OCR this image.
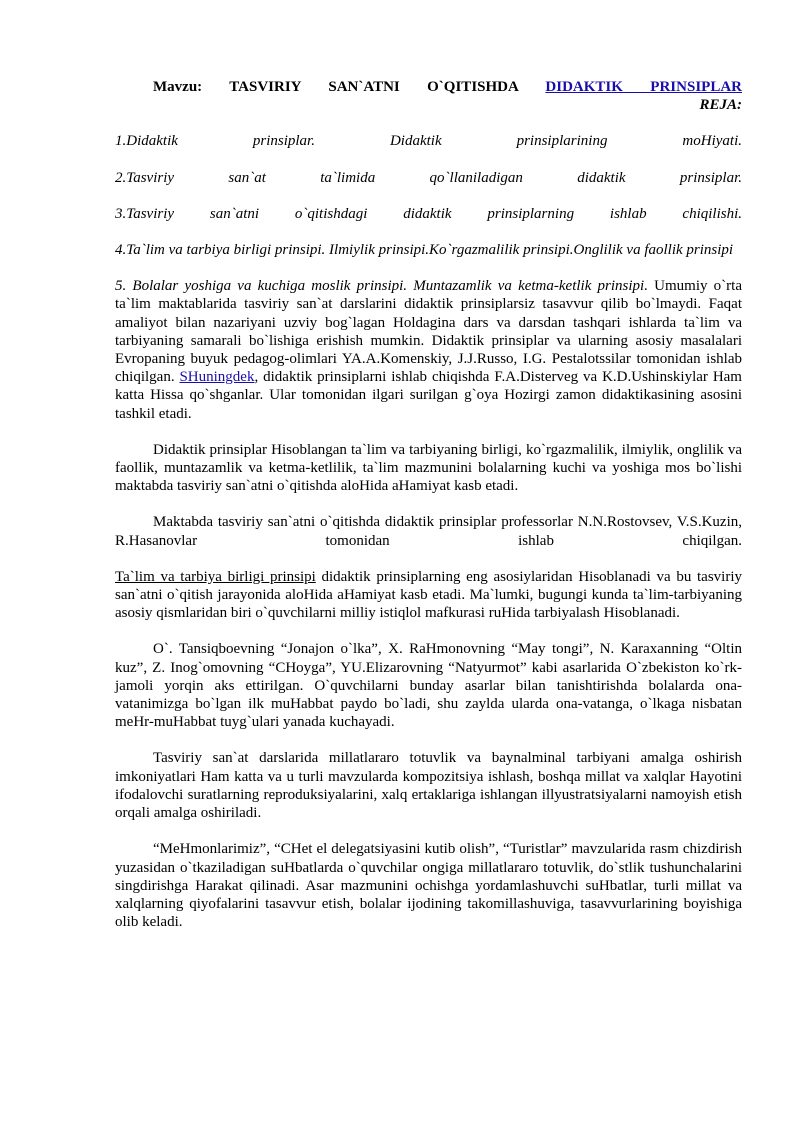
Mavzu: TASVIRIY SAN`ATNI O`QITISHDA DIDAKTIK PRINSIPLAR

REJA:

1.Didaktik prinsiplar. Didaktik prinsiplarining moHiyati.

2.Tasviriy san`at ta`limida qo`llaniladigan didaktik prinsiplar.

3.Tasviriy san`atni o`qitishdagi didaktik prinsiplarning ishlab chiqilishi.

4.Ta`lim va tarbiya birligi prinsipi. Ilmiylik prinsipi.Ko`rgazmalilik prinsipi.Onglilik va faollik prinsipi

5. Bolalar yoshiga va kuchiga moslik prinsipi. Muntazamlik va ketma-ketlik prinsipi. Umumiy o`rta ta`lim maktablarida tasviriy san`at darslarini didaktik prinsiplarsiz tasavvur qilib bo`lmaydi. Faqat amaliyot bilan nazariyani uzviy bog`lagan Holdagina dars va darsdan tashqari ishlarda ta`lim va tarbiyaning samarali bo`lishiga erishish mumkin. Didaktik prinsiplar va ularning asosiy masalalari Evropaning buyuk pedagog-olimlari YA.A.Komenskiy, J.J.Russo, I.G. Pestalotssilar tomonidan ishlab chiqilgan. SHuningdek, didaktik prinsiplarni ishlab chiqishda F.A.Disterveg va K.D.Ushinskiylar Ham katta Hissa qo`shganlar. Ular tomonidan ilgari surilgan g`oya Hozirgi zamon didaktikasining asosini tashkil etadi.

Didaktik prinsiplar Hisoblangan ta`lim va tarbiyaning birligi, ko`rgazmalilik, ilmiylik, onglilik va faollik, muntazamlik va ketma-ketlilik, ta`lim mazmunini bolalarning kuchi va yoshiga mos bo`lishi maktabda tasviriy san`atni o`qitishda aloHida aHamiyat kasb etadi.

Maktabda tasviriy san`atni o`qitishda didaktik prinsiplar professorlar N.N.Rostovsev, V.S.Kuzin, R.Hasanovlar tomonidan ishlab chiqilgan.

Ta`lim va tarbiya birligi prinsipi didaktik prinsiplarning eng asosiylaridan Hisoblanadi va bu tasviriy san`atni o`qitish jarayonida aloHida aHamiyat kasb etadi. Ma`lumki, bugungi kunda ta`lim-tarbiyaning asosiy qismlaridan biri o`quvchilarni milliy istiqlol mafkurasi ruHida tarbiyalash Hisoblanadi.

O`. Tansiqboevning “Jonajon o`lka”, X. RaHmonovning “May tongi”, N. Karaxanning “Oltin kuz”, Z. Inog`omovning “CHoyga”, YU.Elizarovning “Natyurmot” kabi asarlarida O`zbekiston ko`rk-jamoli yorqin aks ettirilgan. O`quvchilarni bunday asarlar bilan tanishtirishda bolalarda ona-vatanimizga bo`lgan ilk muHabbat paydo bo`ladi, shu zaylda ularda ona-vatanga, o`lkaga nisbatan meHr-muHabbat tuyg`ulari yanada kuchayadi.

Tasviriy san`at darslarida millatlararo totuvlik va baynalminal tarbiyani amalga oshirish imkoniyatlari Ham katta va u turli mavzularda kompozitsiya ishlash, boshqa millat va xalqlar Hayotini ifodalovchi suratlarning reproduksiyalarini, xalq ertaklariga ishlangan illyustratsiyalarni namoyish etish orqali amalga oshiriladi.

“MeHmonlarimiz”, “CHet el delegatsiyasini kutib olish”, “Turistlar” mavzularida rasm chizdirish yuzasidan o`tkaziladigan suHbatlarda o`quvchilar ongiga millatlararo totuvlik, do`stlik tushunchalarini singdirishga Harakat qilinadi. Asar mazmunini ochishga yordamlashuvchi suHbatlar, turli millat va xalqlarning qiyofalarini tasavvur etish, bolalar ijodining takomillashuviga, tasavvurlarining boyishiga olib keladi.
